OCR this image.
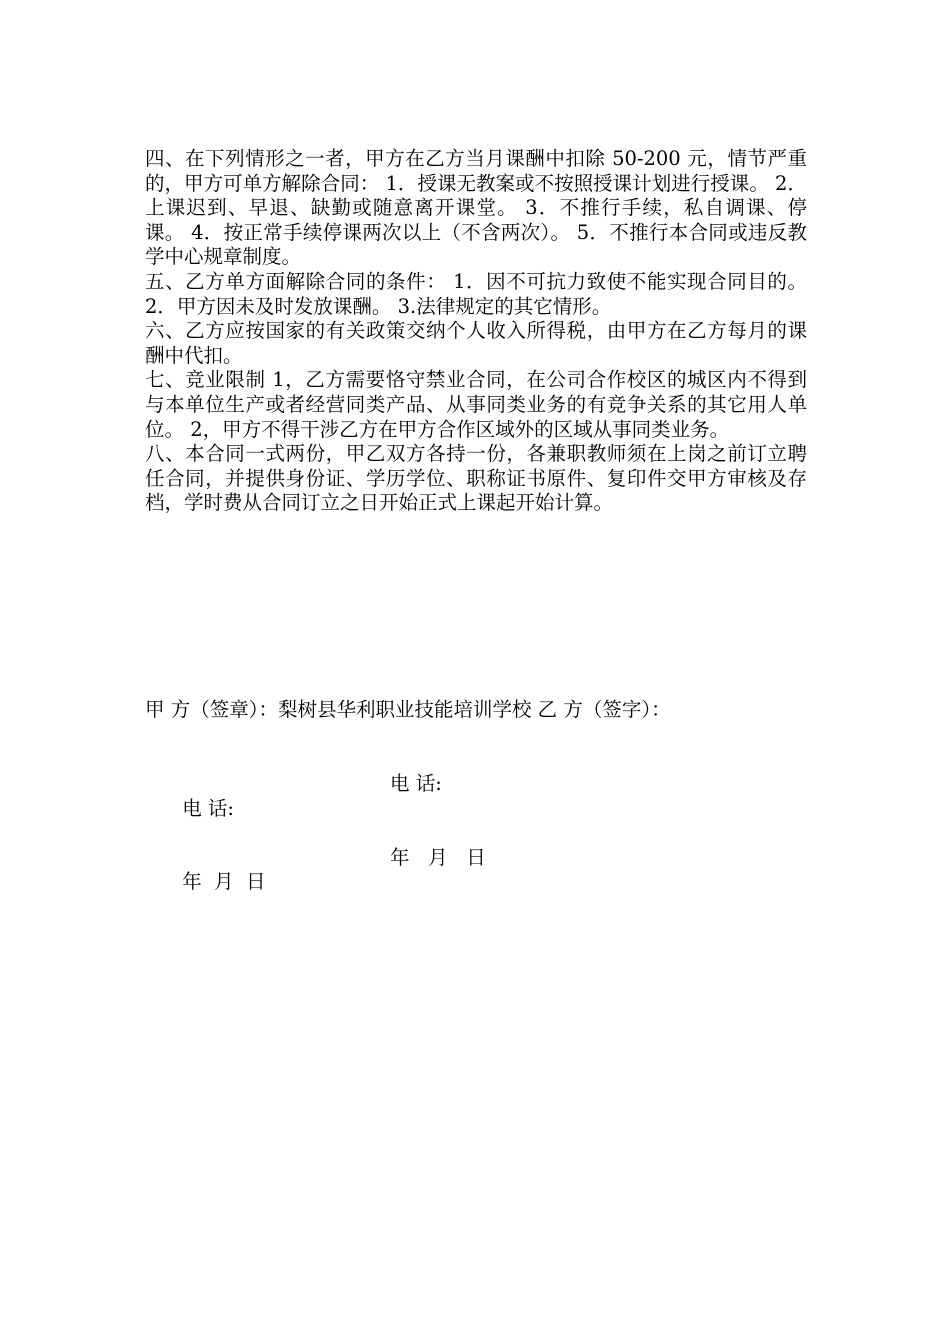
四、在下列情形之一者，甲方在乙方当月课酬中扣除 50-200 元，情节严重的，甲方可单方解除合同： 1．授课无教案或不按照授课计划进行授课。 2．上课迟到、早退、缺勤或随意离开课堂。 3．不推行手续，私自调课、停课。 4．按正常手续停课两次以上（不含两次）。 5．不推行本合同或违反教学中心规章制度。

五、乙方单方面解除合同的条件： 1．因不可抗力致使不能实现合同目的。 2．甲方因未及时发放课酬。 3.法律规定的其它情形。

六、乙方应按国家的有关政策交纳个人收入所得税，由甲方在乙方每月的课酬中代扣。

七、竞业限制 1，乙方需要恪守禁业合同，在公司合作校区的城区内不得到与本单位生产或者经营同类产品、从事同类业务的有竞争关系的其它用人单位。 2，甲方不得干涉乙方在甲方合作区域外的区域从事同类业务。

八、本合同一式两份，甲乙双方各持一份，各兼职教师须在上岗之前订立聘任合同，并提供身份证、学历学位、职称证书原件、复印件交甲方审核及存档，学时费从合同订立之日开始正式上课起开始计算。

甲 方（签章）：梨树县华利职业技能培训学校 乙 方（签字）：

电 话:

电 话:

年  月  日

年   月   日
